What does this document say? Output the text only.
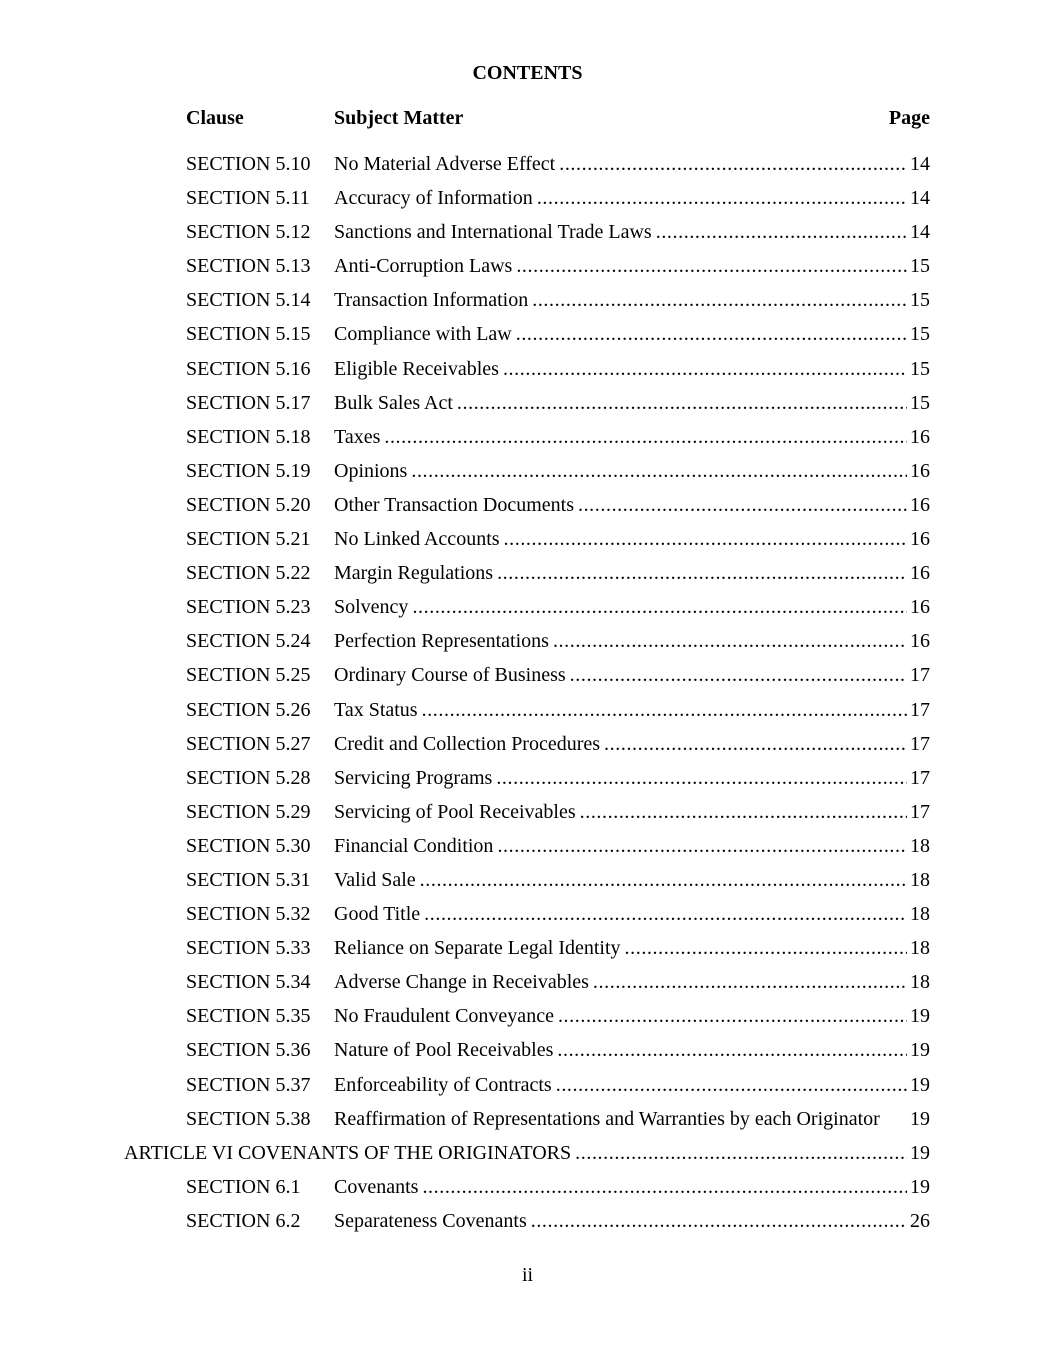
CONTENTS
Clause	Subject Matter	Page
SECTION 5.10 No Material Adverse Effect .....	14
SECTION 5.11 Accuracy of Information .....	14
SECTION 5.12 Sanctions and International Trade Laws .....	14
SECTION 5.13 Anti-Corruption Laws .....	15
SECTION 5.14 Transaction Information .....	15
SECTION 5.15 Compliance with Law .....	15
SECTION 5.16 Eligible Receivables .....	15
SECTION 5.17 Bulk Sales Act .....	15
SECTION 5.18 Taxes .....	16
SECTION 5.19 Opinions .....	16
SECTION 5.20 Other Transaction Documents .....	16
SECTION 5.21 No Linked Accounts .....	16
SECTION 5.22 Margin Regulations .....	16
SECTION 5.23 Solvency .....	16
SECTION 5.24 Perfection Representations .....	16
SECTION 5.25 Ordinary Course of Business .....	17
SECTION 5.26 Tax Status .....	17
SECTION 5.27 Credit and Collection Procedures .....	17
SECTION 5.28 Servicing Programs .....	17
SECTION 5.29 Servicing of Pool Receivables .....	17
SECTION 5.30 Financial Condition .....	18
SECTION 5.31 Valid Sale .....	18
SECTION 5.32 Good Title .....	18
SECTION 5.33 Reliance on Separate Legal Identity .....	18
SECTION 5.34 Adverse Change in Receivables .....	18
SECTION 5.35 No Fraudulent Conveyance .....	19
SECTION 5.36 Nature of Pool Receivables .....	19
SECTION 5.37 Enforceability of Contracts .....	19
SECTION 5.38 Reaffirmation of Representations and Warranties by each Originator 19
ARTICLE VI COVENANTS OF THE ORIGINATORS .....	19
SECTION 6.1 Covenants .....	19
SECTION 6.2 Separateness Covenants .....	26
ii
